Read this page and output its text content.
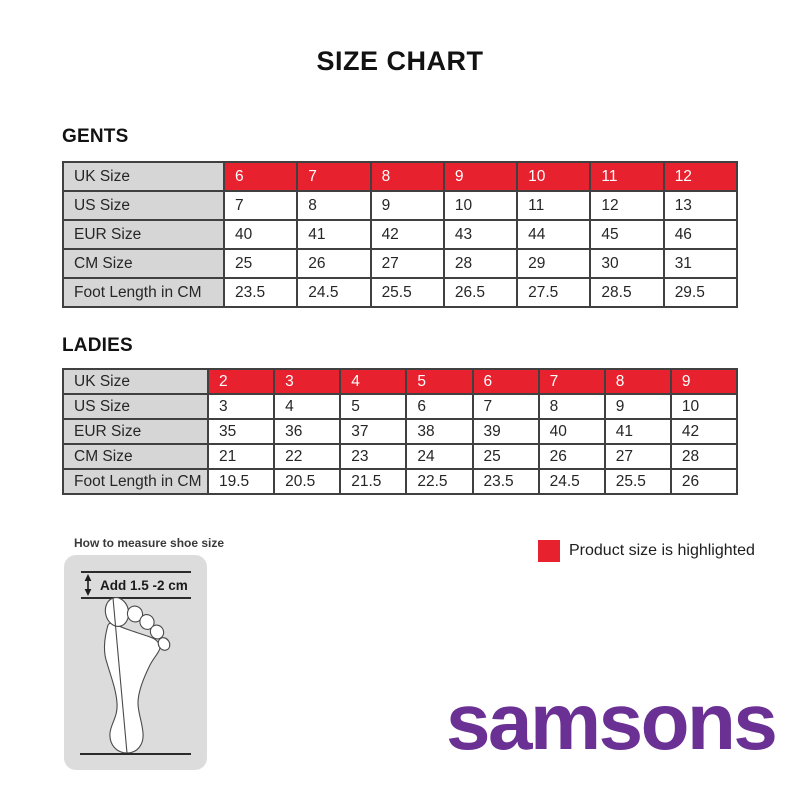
SIZE CHART
GENTS
UK Size	6	7	8	9	10	11	12
US Size	7	8	9	10	11	12	13
EUR Size	40	41	42	43	44	45	46
CM Size	25	26	27	28	29	30	31
Foot Length in CM	23.5	24.5	25.5	26.5	27.5	28.5	29.5
LADIES
UK Size	2	3	4	5	6	7	8	9
US Size	3	4	5	6	7	8	9	10
EUR Size	35	36	37	38	39	40	41	42
CM Size	21	22	23	24	25	26	27	28
Foot Length in CM	19.5	20.5	21.5	22.5	23.5	24.5	25.5	26
How to measure shoe size
Add 1.5 -2 cm
Product size is highlighted
samsons
